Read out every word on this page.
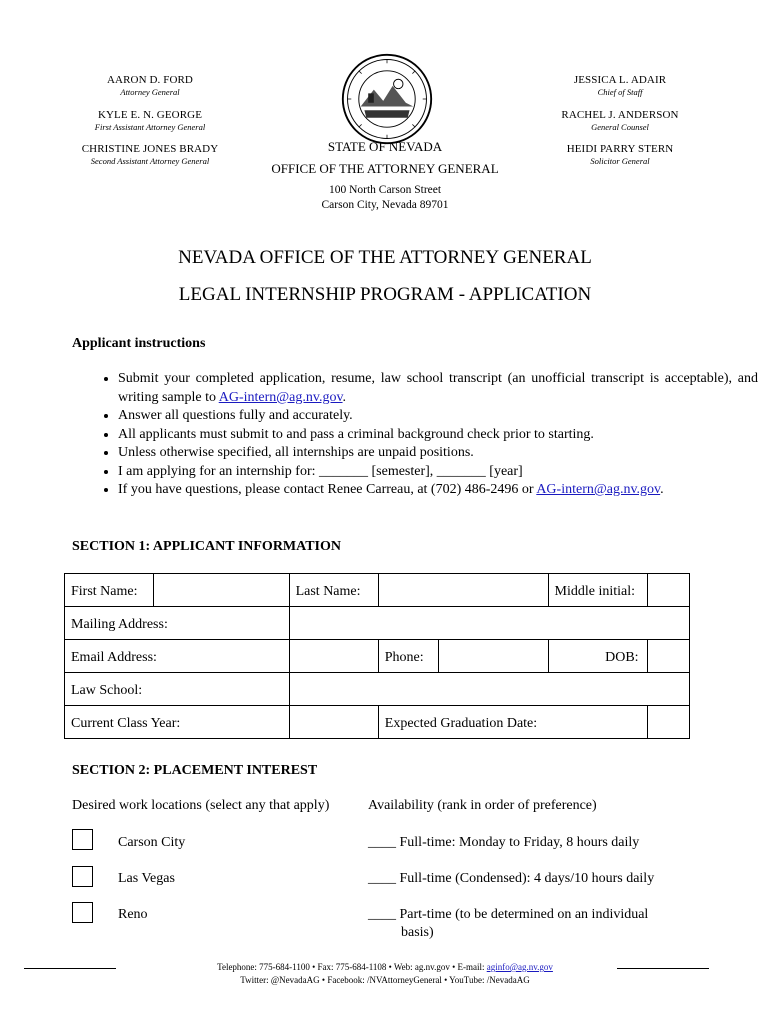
AARON D. FORD
Attorney General
KYLE E. N. GEORGE
First Assistant Attorney General
CHRISTINE JONES BRADY
Second Assistant Attorney General
JESSICA L. ADAIR
Chief of Staff
RACHEL J. ANDERSON
General Counsel
HEIDI PARRY STERN
Solicitor General
STATE OF NEVADA
OFFICE OF THE ATTORNEY GENERAL
100 North Carson Street
Carson City, Nevada 89701
NEVADA OFFICE OF THE ATTORNEY GENERAL
LEGAL INTERNSHIP PROGRAM - APPLICATION
Applicant instructions
• Submit your completed application, resume, law school transcript (an unofficial transcript is acceptable), and writing sample to AG-intern@ag.nv.gov.
• Answer all questions fully and accurately.
• All applicants must submit to and pass a criminal background check prior to starting.
• Unless otherwise specified, all internships are unpaid positions.
• I am applying for an internship for: _______ [semester], _______ [year]
• If you have questions, please contact Renee Carreau, at (702) 486-2496 or AG-intern@ag.nv.gov.
SECTION 1: APPLICANT INFORMATION
First Name:		Last Name:			Middle initial:	
Mailing Address:						
Email Address:			Phone:		DOB:	
Law School:						
Current Class Year:			Expected Graduation Date:			
SECTION 2: PLACEMENT INTEREST
Desired work locations (select any that apply)	Availability (rank in order of preference)
Carson City
Las Vegas
Reno
____ Full-time: Monday to Friday, 8 hours daily
____ Full-time (Condensed): 4 days/10 hours daily
____ Part-time (to be determined on an individual
basis)
Telephone: 775-684-1100 • Fax: 775-684-1108 • Web: ag.nv.gov • E-mail: aginfo@ag.nv.gov
Twitter: @NevadaAG • Facebook: /NVAttorneyGeneral • YouTube: /NevadaAG
